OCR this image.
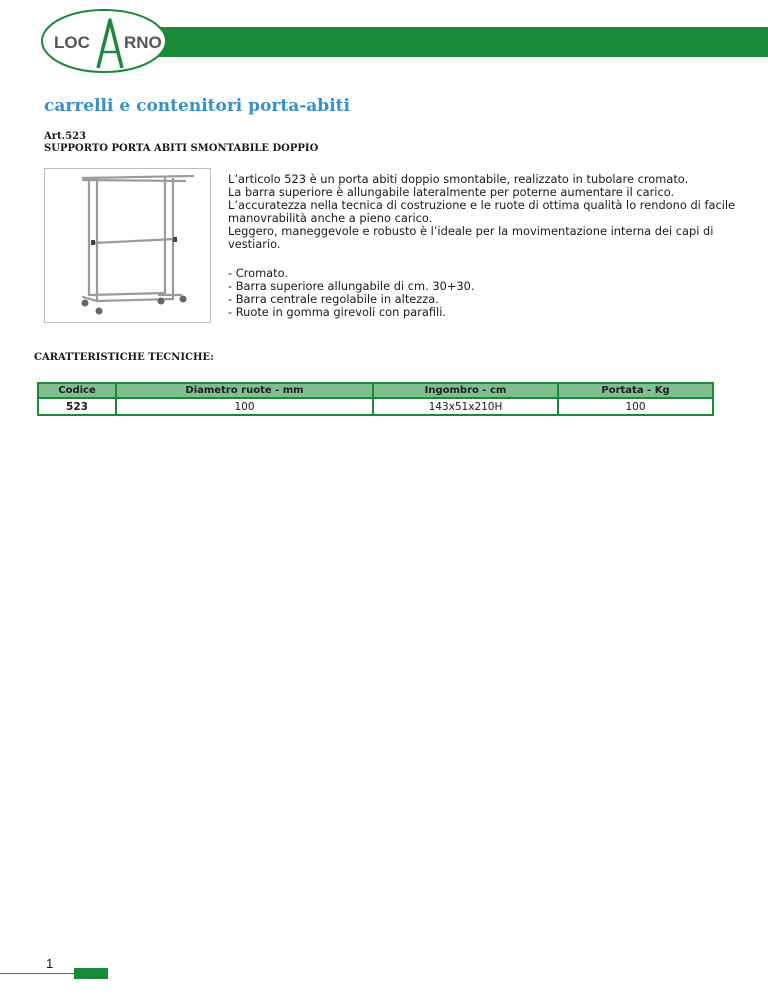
LOC RNO
carrelli e contenitori porta-abiti
Art.523
SUPPORTO PORTA ABITI SMONTABILE DOPPIO

L’articolo 523 è un porta abiti doppio smontabile, realizzato in tubolare cromato.

La barra superiore è allungabile lateralmente per poterne aumentare il carico.

L’accuratezza nella tecnica di costruzione e le ruote di ottima qualità lo rendono di facile manovrabilità anche a pieno carico.

Leggero, maneggevole e robusto è l’ideale per la movimentazione interna dei capi di vestiario.

- Cromato.
- Barra superiore allungabile di cm. 30+30.
- Barra centrale regolabile in altezza.
- Ruote in gomma girevoli con parafili.
CARATTERISTICHE TECNICHE:
Codice	Diametro ruote - mm	Ingombro - cm	Portata - Kg
523	100	143x51x210H	100
1
